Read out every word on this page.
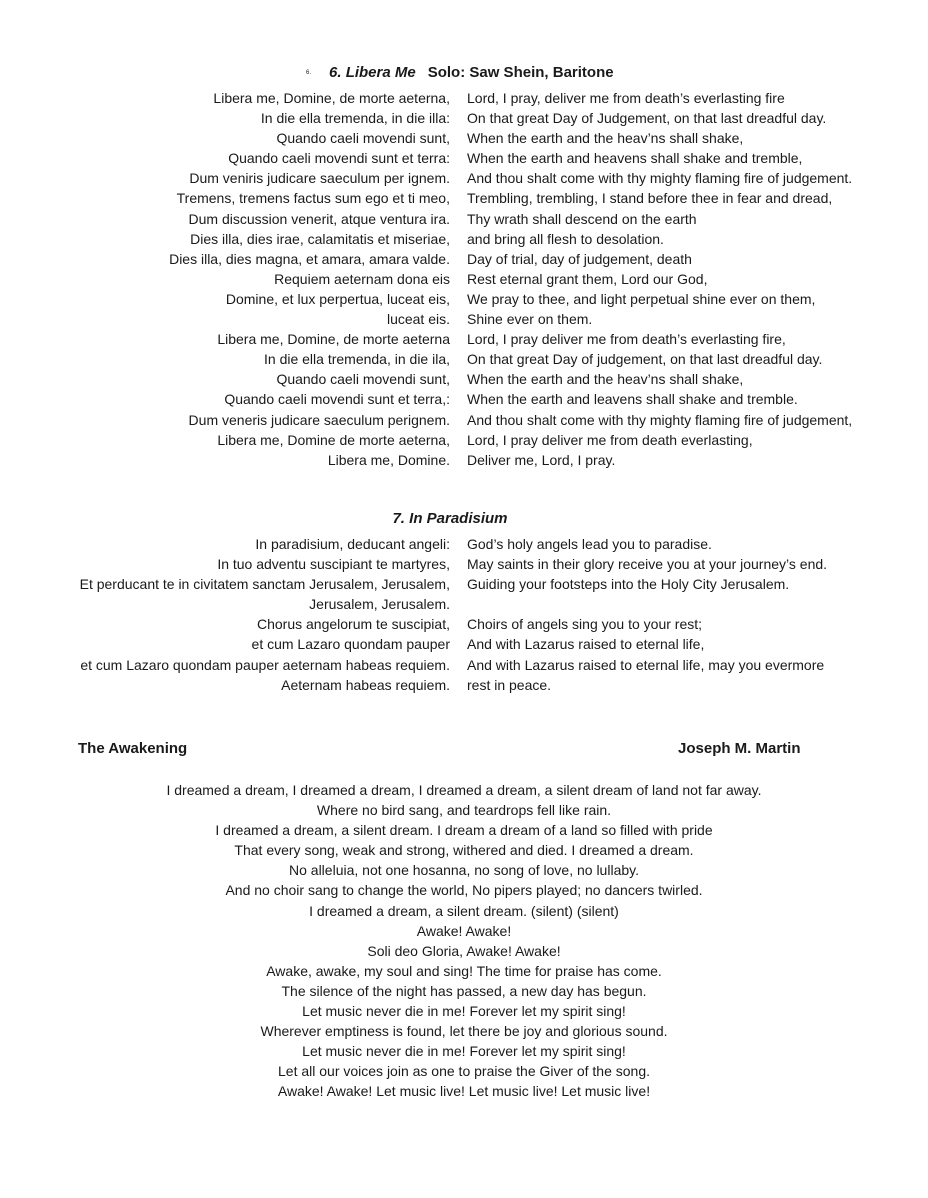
6. 6. Libera Me Solo: Saw Shein, Baritone
Libera me, Domine, de morte aeterna, Lord, I pray, deliver me from death’s everlasting fire
In die ella tremenda, in die illa: On that great Day of Judgement, on that last dreadful day.
Quando caeli movendi sunt, When the earth and the heav’ns shall shake,
Quando caeli movendi sunt et terra: When the earth and heavens shall shake and tremble,
Dum veniris judicare saeculum per ignem. And thou shalt come with thy mighty flaming fire of judgement.
Tremens, tremens factus sum ego et ti meo, Trembling, trembling, I stand before thee in fear and dread,
Dum discussion venerit, atque ventura ira. Thy wrath shall descend on the earth
Dies illa, dies irae, calamitatis et miseriae, and bring all flesh to desolation.
Dies illa, dies magna, et amara, amara valde. Day of trial, day of judgement, death
Requiem aeternam dona eis Rest eternal grant them, Lord our God,
Domine, et lux perpertua, luceat eis, We pray to thee, and light perpetual shine ever on them,
luceat eis. Shine ever on them.
Libera me, Domine, de morte aeterna Lord, I pray deliver me from death’s everlasting fire,
In die ella tremenda, in die ila, On that great Day of judgement, on that last dreadful day.
Quando caeli movendi sunt, When the earth and the heav’ns shall shake,
Quando caeli movendi sunt et terra,: When the earth and leavens shall shake and tremble.
Dum veneris judicare saeculum perignem. And thou shalt come with thy mighty flaming fire of judgement,
Libera me, Domine de morte aeterna, Lord, I pray deliver me from death everlasting,
Libera me, Domine. Deliver me, Lord, I pray.
7. In Paradisium
In paradisium, deducant angeli: God’s holy angels lead you to paradise.
In tuo adventu suscipiant te martyres, May saints in their glory receive you at your journey’s end.
Et perducant te in civitatem sanctam Jerusalem, Jerusalem, Guiding your footsteps into the Holy City Jerusalem.
Jerusalem, Jerusalem.
Chorus angelorum te suscipiat, Choirs of angels sing you to your rest;
et cum Lazaro quondam pauper And with Lazarus raised to eternal life,
et cum Lazaro quondam pauper aeternam habeas requiem. And with Lazarus raised to eternal life, may you evermore
Aeternam habeas requiem. rest in peace.
The Awakening	Joseph M. Martin
I dreamed a dream, I dreamed a dream, I dreamed a dream, a silent dream of land not far away.
Where no bird sang, and teardrops fell like rain.
I dreamed a dream, a silent dream. I dream a dream of a land so filled with pride
That every song, weak and strong, withered and died. I dreamed a dream.
No alleluia, not one hosanna, no song of love, no lullaby.
And no choir sang to change the world, No pipers played; no dancers twirled.
I dreamed a dream, a silent dream. (silent) (silent)
Awake! Awake!
Soli deo Gloria, Awake! Awake!
Awake, awake, my soul and sing! The time for praise has come.
The silence of the night has passed, a new day has begun.
Let music never die in me! Forever let my spirit sing!
Wherever emptiness is found, let there be joy and glorious sound.
Let music never die in me! Forever let my spirit sing!
Let all our voices join as one to praise the Giver of the song.
Awake! Awake! Let music live! Let music live! Let music live!
